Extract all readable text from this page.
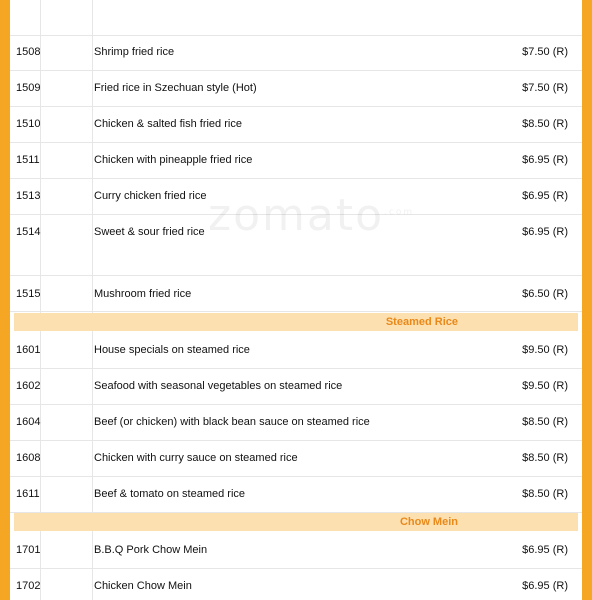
1508	Shrimp fried rice	$7.50 (R)
1509	Fried rice in Szechuan style (Hot)	$7.50 (R)
1510	Chicken & salted fish fried rice	$8.50 (R)
1511	Chicken with pineapple fried rice	$6.95 (R)
1513	Curry chicken fried rice	$6.95 (R)
1514	Sweet & sour fried rice	$6.95 (R)
1515	Mushroom fried rice	$6.50 (R)
Steamed Rice
1601	House specials on steamed rice	$9.50 (R)
1602	Seafood with seasonal vegetables on steamed rice	$9.50 (R)
1604	Beef (or chicken) with black bean sauce on steamed rice	$8.50 (R)
1608	Chicken with curry sauce on steamed rice	$8.50 (R)
1611	Beef & tomato on steamed rice	$8.50 (R)
Chow Mein
1701	B.B.Q Pork Chow Mein	$6.95 (R)
1702	Chicken Chow Mein	$6.95 (R)
zomato$^{.com}$
